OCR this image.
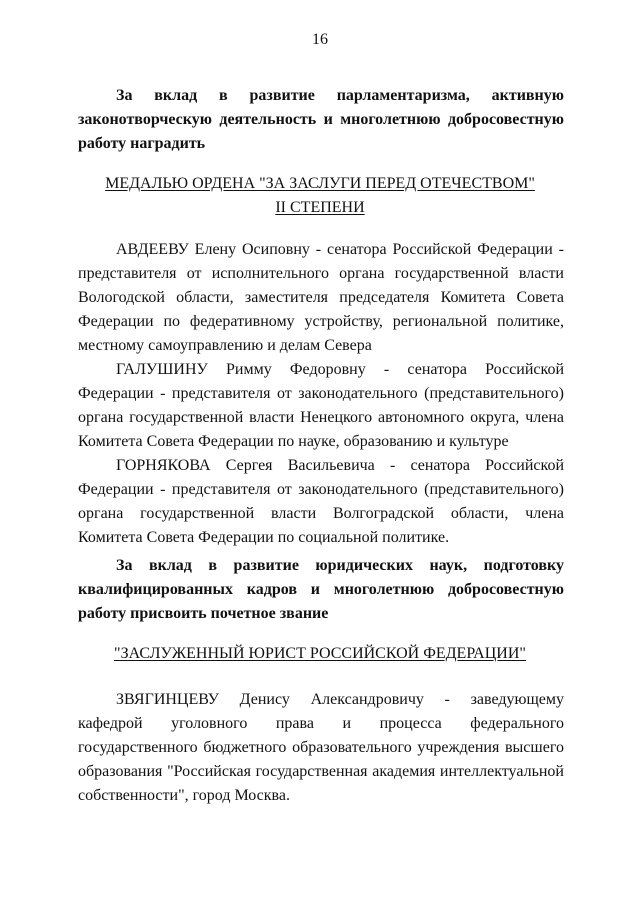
16

За вклад в развитие парламентаризма, активную законотворческую деятельность и многолетнюю добросовестную работу наградить

МЕДАЛЬЮ ОРДЕНА "ЗА ЗАСЛУГИ ПЕРЕД ОТЕЧЕСТВОМ"
II СТЕПЕНИ

АВДЕЕВУ Елену Осиповну - сенатора Российской Федерации - представителя от исполнительного органа государственной власти Вологодской области, заместителя председателя Комитета Совета Федерации по федеративному устройству, региональной политике, местному самоуправлению и делам Севера

ГАЛУШИНУ Римму Федоровну - сенатора Российской Федерации - представителя от законодательного (представительного) органа государственной власти Ненецкого автономного округа, члена Комитета Совета Федерации по науке, образованию и культуре

ГОРНЯКОВА Сергея Васильевича - сенатора Российской Федерации - представителя от законодательного (представительного) органа государственной власти Волгоградской области, члена Комитета Совета Федерации по социальной политике.

За вклад в развитие юридических наук, подготовку квалифицированных кадров и многолетнюю добросовестную работу присвоить почетное звание

"ЗАСЛУЖЕННЫЙ ЮРИСТ РОССИЙСКОЙ ФЕДЕРАЦИИ"

ЗВЯГИНЦЕВУ Денису Александровичу - заведующему кафедрой уголовного права и процесса федерального государственного бюджетного образовательного учреждения высшего образования "Российская государственная академия интеллектуальной собственности", город Москва.
